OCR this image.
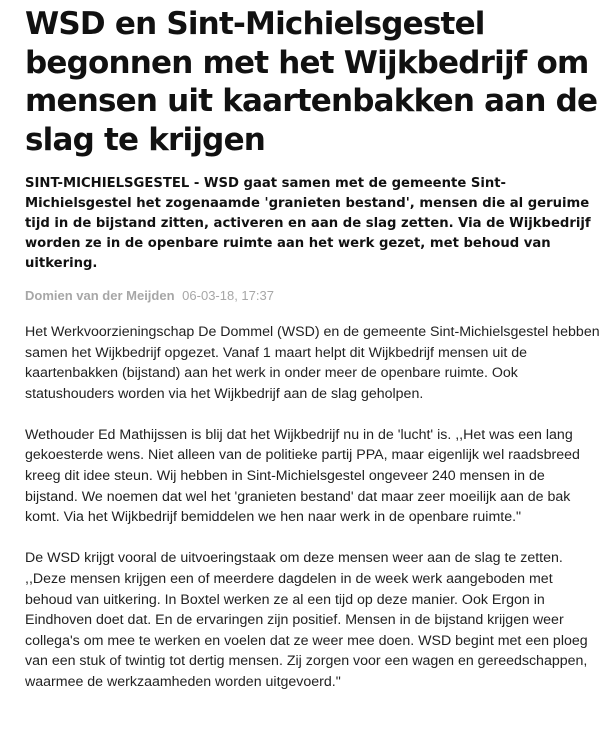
WSD en Sint-Michielsgestel begonnen met het Wijkbedrijf om mensen uit kaartenbakken aan de slag te krijgen

SINT-MICHIELSGESTEL - WSD gaat samen met de gemeente Sint-Michielsgestel het zogenaamde 'granieten bestand', mensen die al geruime tijd in de bijstand zitten, activeren en aan de slag zetten. Via de Wijkbedrijf worden ze in de openbare ruimte aan het werk gezet, met behoud van uitkering.

Domien van der Meijden 06-03-18, 17:37

Het Werkvoorzieningschap De Dommel (WSD) en de gemeente Sint-Michielsgestel hebben samen het Wijkbedrijf opgezet. Vanaf 1 maart helpt dit Wijkbedrijf mensen uit de kaartenbakken (bijstand) aan het werk in onder meer de openbare ruimte. Ook statushouders worden via het Wijkbedrijf aan de slag geholpen.

Wethouder Ed Mathijssen is blij dat het Wijkbedrijf nu in de 'lucht' is. ,,Het was een lang gekoesterde wens. Niet alleen van de politieke partij PPA, maar eigenlijk wel raadsbreed kreeg dit idee steun. Wij hebben in Sint-Michielsgestel ongeveer 240 mensen in de bijstand. We noemen dat wel het 'granieten bestand' dat maar zeer moeilijk aan de bak komt. Via het Wijkbedrijf bemiddelen we hen naar werk in de openbare ruimte."

De WSD krijgt vooral de uitvoeringstaak om deze mensen weer aan de slag te zetten. ,,Deze mensen krijgen een of meerdere dagdelen in de week werk aangeboden met behoud van uitkering. In Boxtel werken ze al een tijd op deze manier. Ook Ergon in Eindhoven doet dat. En de ervaringen zijn positief. Mensen in de bijstand krijgen weer collega's om mee te werken en voelen dat ze weer mee doen. WSD begint met een ploeg van een stuk of twintig tot dertig mensen. Zij zorgen voor een wagen en gereedschappen, waarmee de werkzaamheden worden uitgevoerd."
